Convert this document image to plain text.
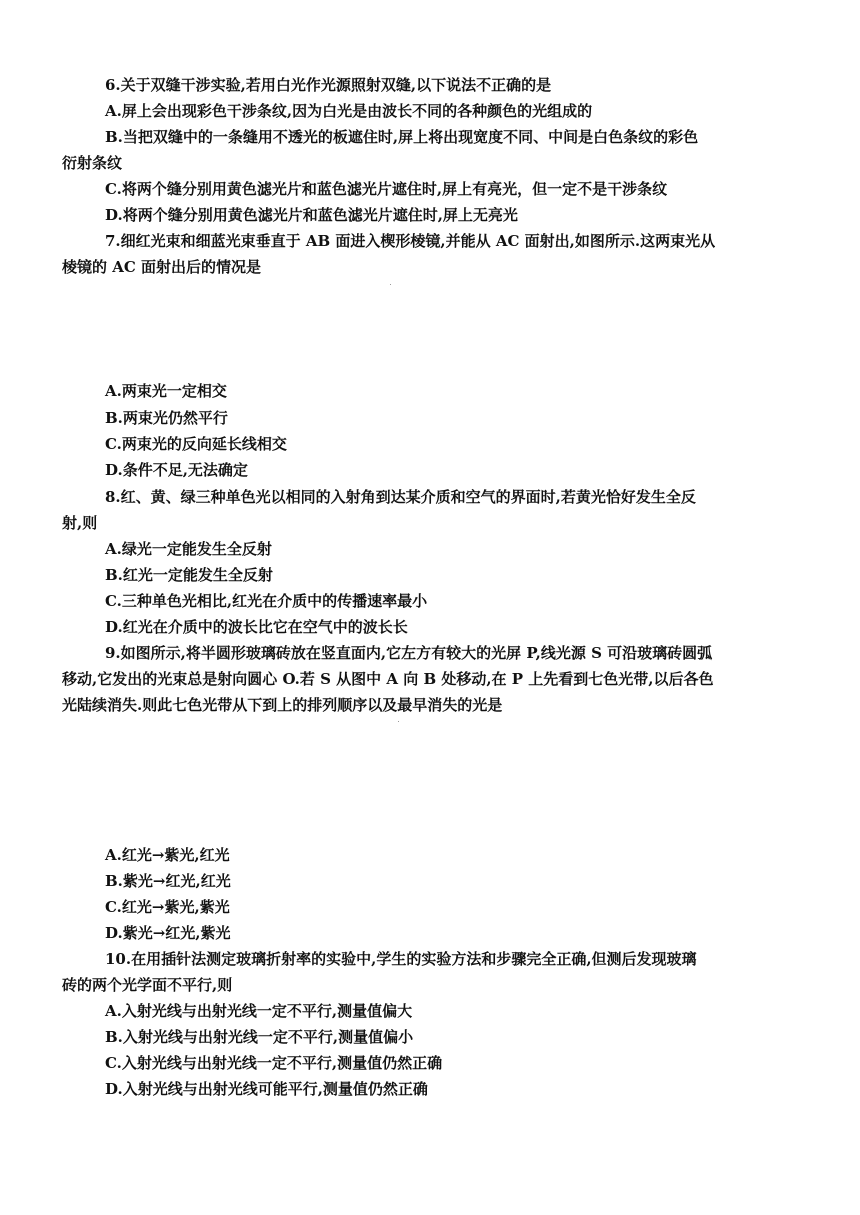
6.关于双缝干涉实验,若用白光作光源照射双缝,以下说法不正确的是
A.屏上会出现彩色干涉条纹,因为白光是由波长不同的各种颜色的光组成的
B.当把双缝中的一条缝用不透光的板遮住时,屏上将出现宽度不同、中间是白色条纹的彩色
衍射条纹
C.将两个缝分别用黄色滤光片和蓝色滤光片遮住时,屏上有亮光，但一定不是干涉条纹
D.将两个缝分别用黄色滤光片和蓝色滤光片遮住时,屏上无亮光
7.细红光束和细蓝光束垂直于 AB 面进入楔形棱镜,并能从 AC 面射出,如图所示.这两束光从
棱镜的 AC 面射出后的情况是
A.两束光一定相交
B.两束光仍然平行
C.两束光的反向延长线相交
D.条件不足,无法确定
8.红、黄、绿三种单色光以相同的入射角到达某介质和空气的界面时,若黄光恰好发生全反
射,则
A.绿光一定能发生全反射
B.红光一定能发生全反射
C.三种单色光相比,红光在介质中的传播速率最小
D.红光在介质中的波长比它在空气中的波长长
9.如图所示,将半圆形玻璃砖放在竖直面内,它左方有较大的光屏 P,线光源 S 可沿玻璃砖圆弧
移动,它发出的光束总是射向圆心 O.若 S 从图中 A 向 B 处移动,在 P 上先看到七色光带,以后各色
光陆续消失.则此七色光带从下到上的排列顺序以及最早消失的光是
A.红光→紫光,红光
B.紫光→红光,红光
C.红光→紫光,紫光
D.紫光→红光,紫光
10.在用插针法测定玻璃折射率的实验中,学生的实验方法和步骤完全正确,但测后发现玻璃
砖的两个光学面不平行,则
A.入射光线与出射光线一定不平行,测量值偏大
B.入射光线与出射光线一定不平行,测量值偏小
C.入射光线与出射光线一定不平行,测量值仍然正确
D.入射光线与出射光线可能平行,测量值仍然正确
